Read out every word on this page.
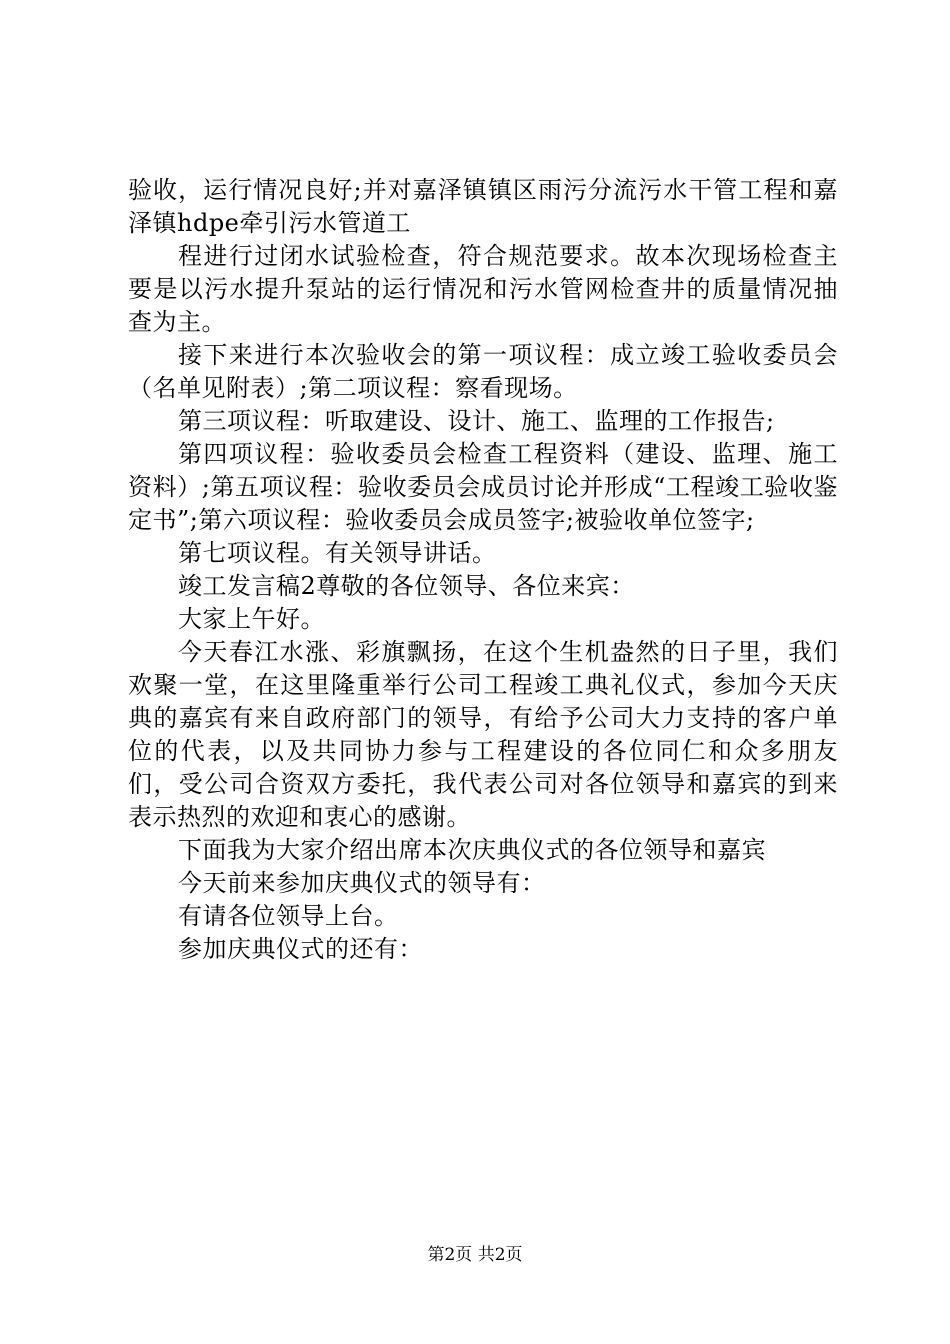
验收，运行情况良好;并对嘉泽镇镇区雨污分流污水干管工程和嘉泽镇hdpe牵引污水管道工

程进行过闭水试验检查，符合规范要求。故本次现场检查主要是以污水提升泵站的运行情况和污水管网检查井的质量情况抽查为主。

接下来进行本次验收会的第一项议程：成立竣工验收委员会（名单见附表）;第二项议程：察看现场。

第三项议程：听取建设、设计、施工、监理的工作报告;

第四项议程：验收委员会检查工程资料（建设、监理、施工资料）;第五项议程：验收委员会成员讨论并形成“工程竣工验收鉴定书”;第六项议程：验收委员会成员签字;被验收单位签字;

第七项议程。有关领导讲话。

竣工发言稿2尊敬的各位领导、各位来宾：

大家上午好。

今天春江水涨、彩旗飘扬，在这个生机盎然的日子里，我们欢聚一堂，在这里隆重举行公司工程竣工典礼仪式，参加今天庆典的嘉宾有来自政府部门的领导，有给予公司大力支持的客户单位的代表，以及共同协力参与工程建设的各位同仁和众多朋友们，受公司合资双方委托，我代表公司对各位领导和嘉宾的到来表示热烈的欢迎和衷心的感谢。

下面我为大家介绍出席本次庆典仪式的各位领导和嘉宾

今天前来参加庆典仪式的领导有：

有请各位领导上台。

参加庆典仪式的还有：

第2页 共2页
